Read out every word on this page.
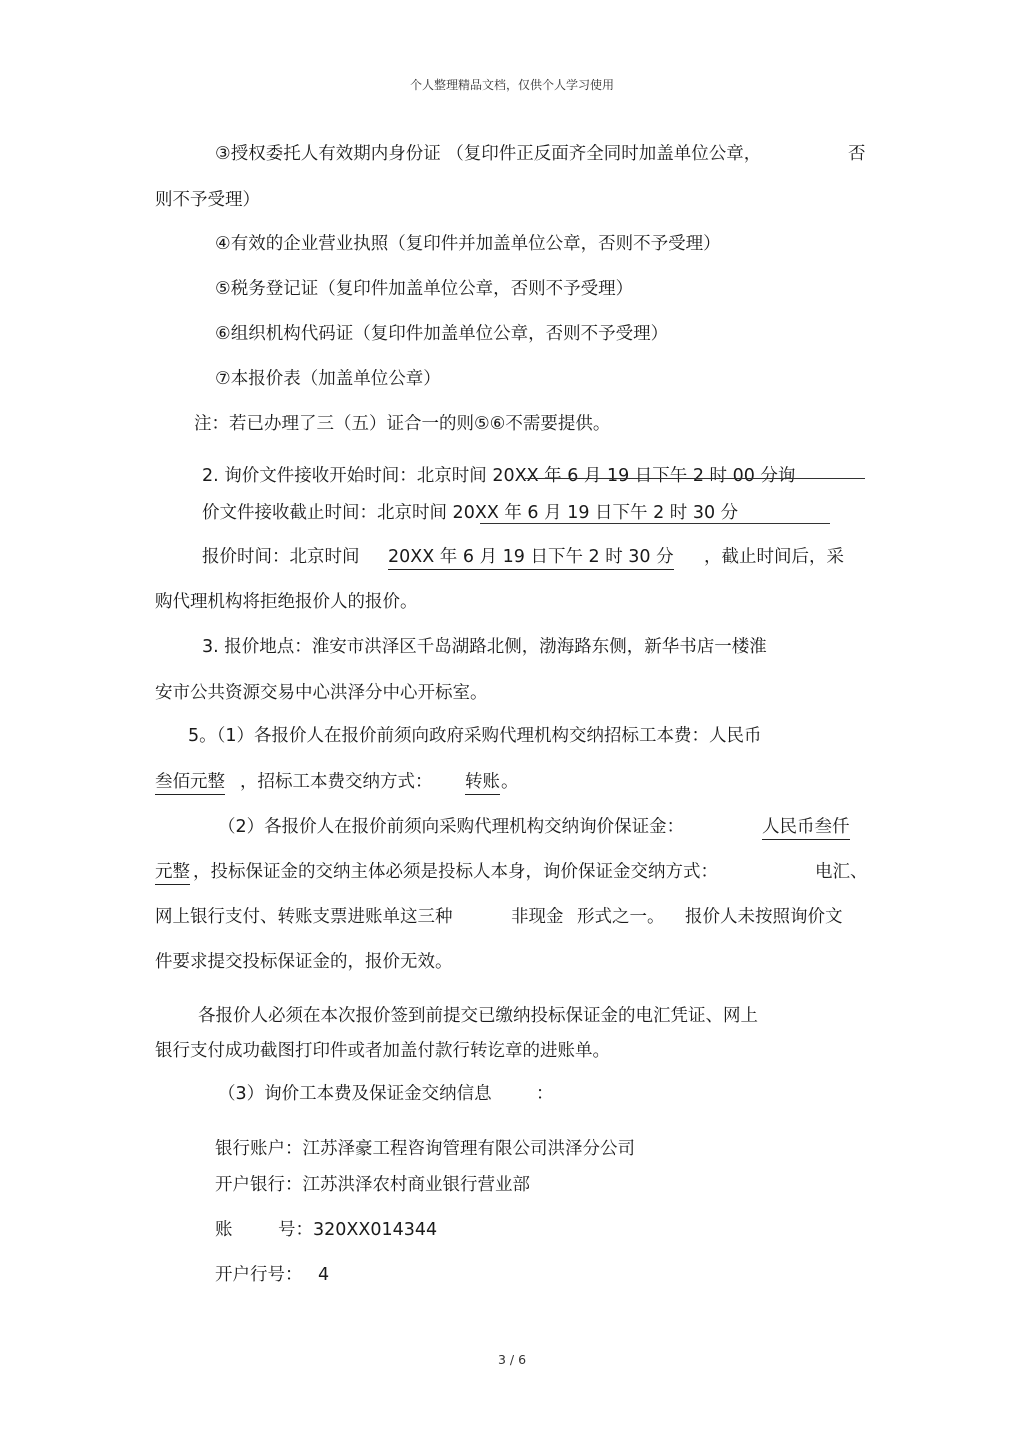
个人整理精品文档，仅供个人学习使用
③授权委托人有效期内身份证 （复印件正反面齐全同时加盖单位公章，	否
则不予受理）
④有效的企业营业执照（复印件并加盖单位公章，否则不予受理）
⑤税务登记证（复印件加盖单位公章，否则不予受理）
⑥组织机构代码证（复印件加盖单位公章，否则不予受理）
⑦本报价表（加盖单位公章）
注：若已办理了三（五）证合一的则⑤⑥不需要提供。
2. 询价文件接收开始时间：北京时间 20XX 年 6 月 19 日下午 2 时 00 分询
价文件接收截止时间：北京时间 20XX 年 6 月 19 日下午 2 时 30 分
报价时间：北京时间 20XX 年 6 月 19 日下午 2 时 30 分 ，截止时间后，采
购代理机构将拒绝报价人的报价。
3. 报价地点：淮安市洪泽区千岛湖路北侧，渤海路东侧，新华书店一楼淮
安市公共资源交易中心洪泽分中心开标室。
5。（1）各报价人在报价前须向政府采购代理机构交纳招标工本费：人民币
叁佰元整 ，招标工本费交纳方式： 转账 。
（2）各报价人在报价前须向采购代理机构交纳询价保证金：	人民币叁仟
元整 ，投标保证金的交纳主体必须是投标人本身，询价保证金交纳方式：	电汇、
网上银行支付、转账支票进账单这三种	非现金 形式之一。 报价人未按照询价文
件要求提交投标保证金的，报价无效。
各报价人必须在本次报价签到前提交已缴纳投标保证金的电汇凭证、网上
银行支付成功截图打印件或者加盖付款行转讫章的进账单。
（3）询价工本费及保证金交纳信息	：
银行账户：江苏泽豪工程咨询管理有限公司洪泽分公司
开户银行：江苏洪泽农村商业银行营业部
账	号：320XX014344
开户行号： 4
3 / 6
